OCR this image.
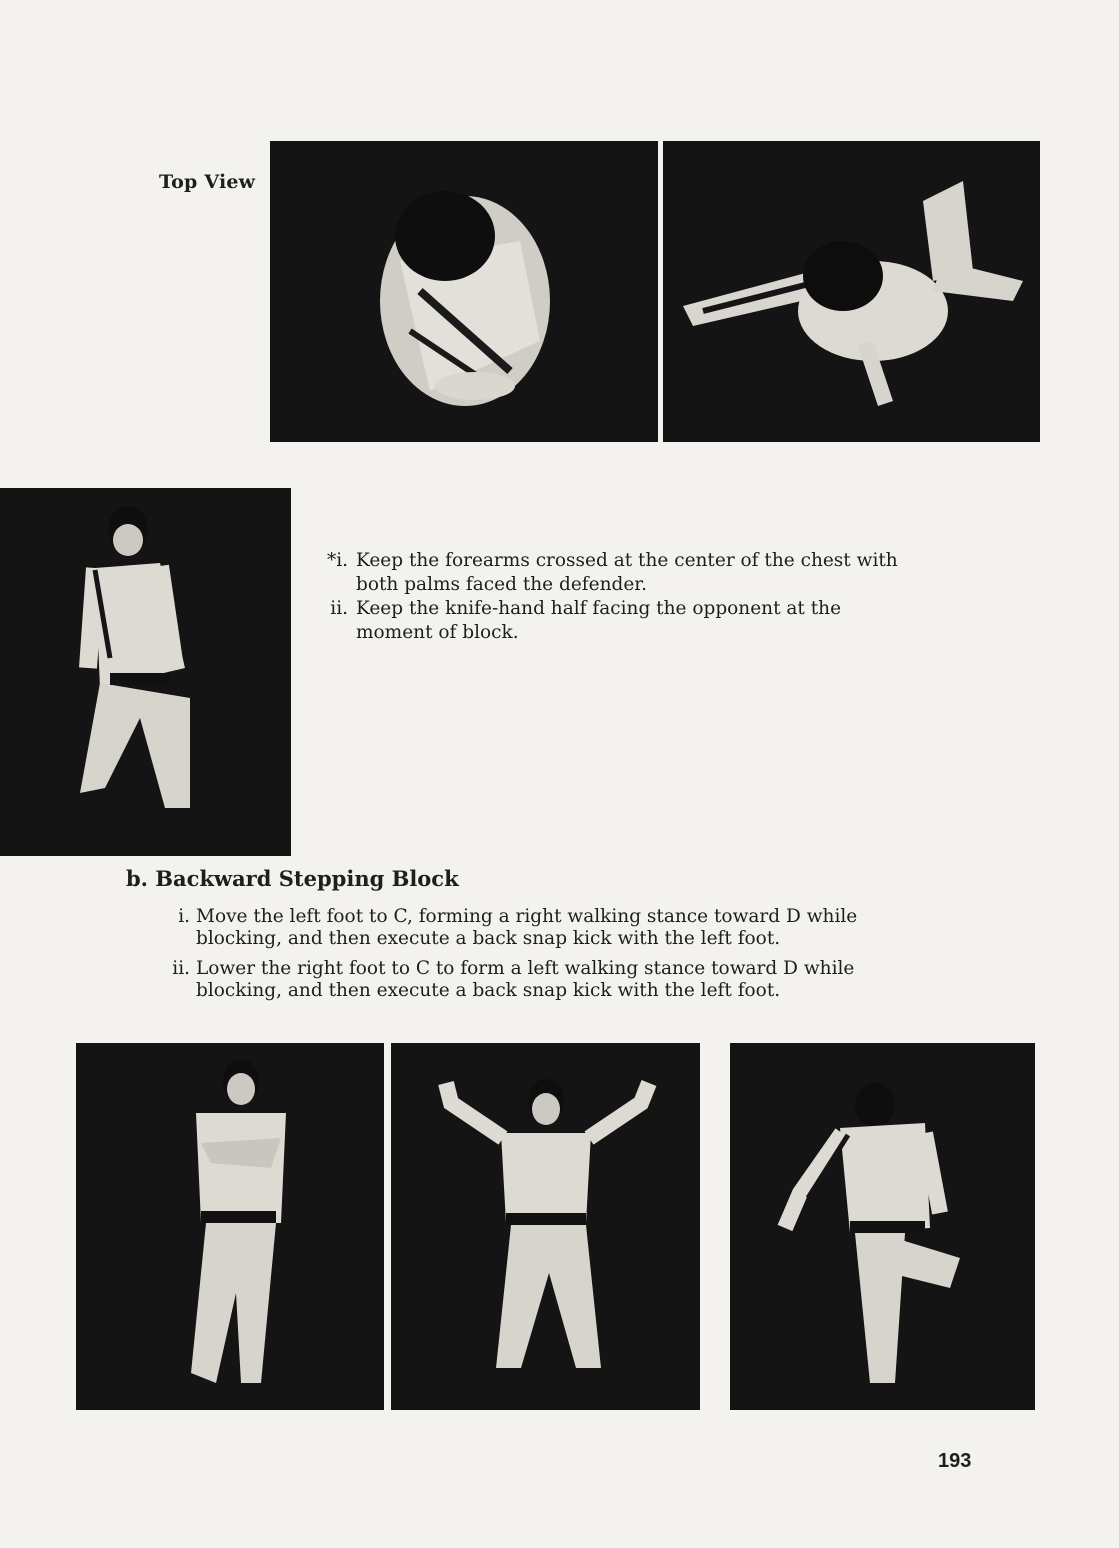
Top View
*i. Keep the forearms crossed at the center of the chest with both palms faced the defender.
ii. Keep the knife-hand half facing the opponent at the moment of block.
b. Backward Stepping Block
i. Move the left foot to C, forming a right walking stance toward D while blocking, and then execute a back snap kick with the left foot.
ii. Lower the right foot to C to form a left walking stance toward D while blocking, and then execute a back snap kick with the left foot.
193
